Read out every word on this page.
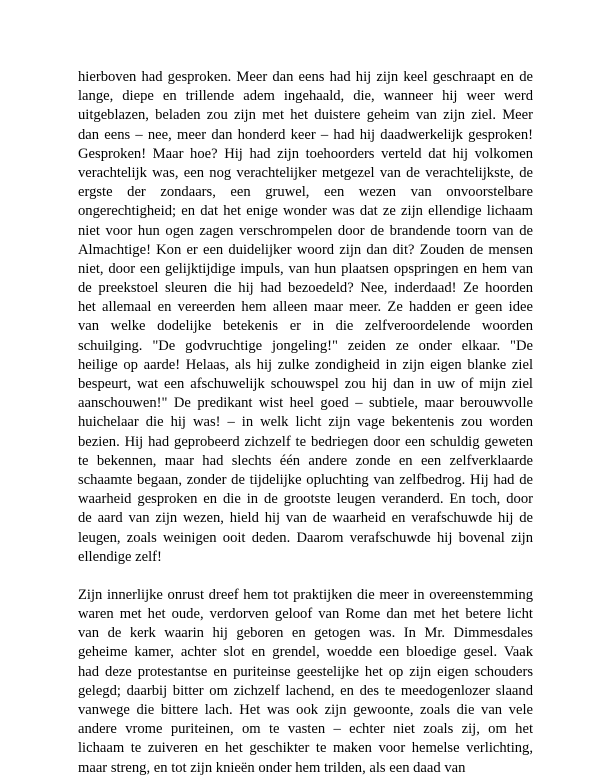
hierboven had gesproken. Meer dan eens had hij zijn keel geschraapt en de
lange, diepe en trillende adem ingehaald, die, wanneer hij weer werd
uitgeblazen, beladen zou zijn met het duistere geheim van zijn ziel. Meer
dan eens – nee, meer dan honderd keer – had hij daadwerkelijk gesproken!
Gesproken! Maar hoe? Hij had zijn toehoorders verteld dat hij volkomen
verachtelijk was, een nog verachtelijker metgezel van de verachtelijkste, de
ergste der zondaars, een gruwel, een wezen van onvoorstelbare
ongerechtigheid; en dat het enige wonder was dat ze zijn ellendige lichaam
niet voor hun ogen zagen verschrompelen door de brandende toorn van de
Almachtige! Kon er een duidelijker woord zijn dan dit? Zouden de mensen
niet, door een gelijktijdige impuls, van hun plaatsen opspringen en hem van
de preekstoel sleuren die hij had bezoedeld? Nee, inderdaad! Ze hoorden
het allemaal en vereerden hem alleen maar meer. Ze hadden er geen idee
van welke dodelijke betekenis er in die zelfveroordelende woorden
schuilging. "De godvruchtige jongeling!" zeiden ze onder elkaar. "De
heilige op aarde! Helaas, als hij zulke zondigheid in zijn eigen blanke ziel
bespeurt, wat een afschuwelijk schouwspel zou hij dan in uw of mijn ziel
aanschouwen!" De predikant wist heel goed – subtiele, maar berouwvolle
huichelaar die hij was! – in welk licht zijn vage bekentenis zou worden
bezien. Hij had geprobeerd zichzelf te bedriegen door een schuldig geweten
te bekennen, maar had slechts één andere zonde en een zelfverklaarde
schaamte begaan, zonder de tijdelijke opluchting van zelfbedrog. Hij had de
waarheid gesproken en die in de grootste leugen veranderd. En toch, door
de aard van zijn wezen, hield hij van de waarheid en verafschuwde hij de
leugen, zoals weinigen ooit deden. Daarom verafschuwde hij bovenal zijn
ellendige zelf!
Zijn innerlijke onrust dreef hem tot praktijken die meer in overeenstemming
waren met het oude, verdorven geloof van Rome dan met het betere licht
van de kerk waarin hij geboren en getogen was. In Mr. Dimmesdales
geheime kamer, achter slot en grendel, woedde een bloedige gesel. Vaak
had deze protestantse en puriteinse geestelijke het op zijn eigen schouders
gelegd; daarbij bitter om zichzelf lachend, en des te meedogenlozer slaand
vanwege die bittere lach. Het was ook zijn gewoonte, zoals die van vele
andere vrome puriteinen, om te vasten – echter niet zoals zij, om het
lichaam te zuiveren en het geschikter te maken voor hemelse verlichting,
maar streng, en tot zijn knieën onder hem trilden, als een daad van
